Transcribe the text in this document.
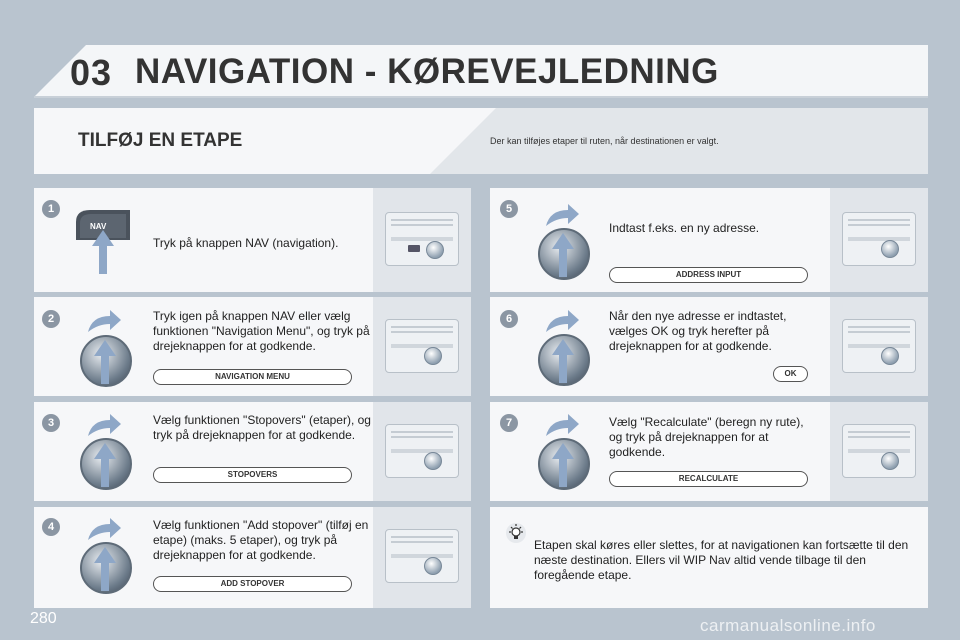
03 NAVIGATION - KØREVEJLEDNING
TILFØJ EN ETAPE	Der kan tilføjes etaper til ruten, når destinationen er valgt.
1
NAV
Tryk på knappen NAV (navigation).
2	Tryk igen på knappen NAV eller vælg funktionen "Navigation Menu", og tryk på drejeknappen for at godkende.
NAVIGATION MENU
3	Vælg funktionen "Stopovers" (etaper), og tryk på drejeknappen for at godkende.
STOPOVERS
4	Vælg funktionen "Add stopover" (tilføj en etape) (maks. 5 etaper), og tryk på drejeknappen for at godkende.
ADD STOPOVER
5
Indtast f.eks. en ny adresse.
ADDRESS INPUT
6	Når den nye adresse er indtastet, vælges OK og tryk herefter på drejeknappen for at godkende.
OK
7	Vælg "Recalculate" (beregn ny rute), og tryk på drejeknappen for at godkende.
RECALCULATE
Etapen skal køres eller slettes, for at navigationen kan fortsætte til den næste destination. Ellers vil WIP Nav altid vende tilbage til den foregående etape.
280	carmanualsonline.info
